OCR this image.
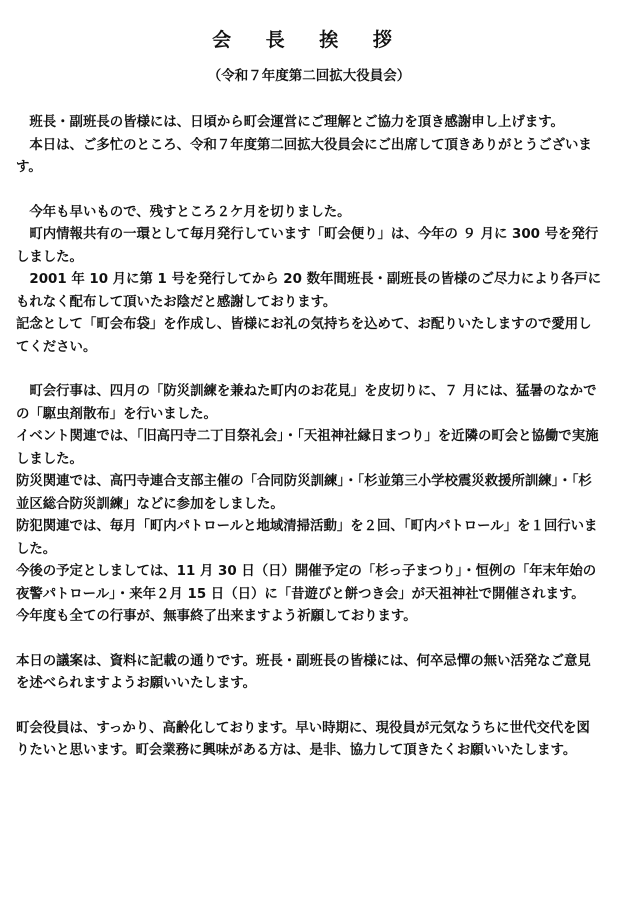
会 長 挨 拶
（令和７年度第二回拡大役員会）

　班長・副班長の皆様には、日頃から町会運営にご理解とご協力を頂き感謝申し上げます。

　本日は、ご多忙のところ、令和７年度第二回拡大役員会にご出席して頂きありがとうございます。

　今年も早いもので、残すところ２ケ月を切りました。

　町内情報共有の一環として毎月発行しています「町会便り」は、今年の ９ 月に 300 号を発行しました。

　2001 年 10 月に第 1 号を発行してから 20 数年間班長・副班長の皆様のご尽力により各戸にもれなく配布して頂いたお陰だと感謝しております。

記念として「町会布袋」を作成し、皆様にお礼の気持ちを込めて、お配りいたしますので愛用してください。

　町会行事は、四月の「防災訓練を兼ねた町内のお花見」を皮切りに、７ 月には、猛暑のなかでの「駆虫剤散布」を行いました。

イベント関連では、「旧高円寺二丁目祭礼会」・「天祖神社縁日まつり」を近隣の町会と協働で実施しました。

防災関連では、高円寺連合支部主催の「合同防災訓練」・「杉並第三小学校震災救援所訓練」・「杉並区総合防災訓練」などに参加をしました。

防犯関連では、毎月「町内パトロールと地域清掃活動」を２回、「町内パトロール」を１回行いました。

今後の予定としましては、11 月 30 日（日）開催予定の「杉っ子まつり」・恒例の「年末年始の夜警パトロール」・来年２月 15 日（日）に「昔遊びと餅つき会」が天祖神社で開催されます。

今年度も全ての行事が、無事終了出来ますよう祈願しております。

本日の議案は、資料に記載の通りです。班長・副班長の皆様には、何卒忌憚の無い活発なご意見を述べられますようお願いいたします。

町会役員は、すっかり、高齢化しております。早い時期に、現役員が元気なうちに世代交代を図りたいと思います。町会業務に興味がある方は、是非、協力して頂きたくお願いいたします。
